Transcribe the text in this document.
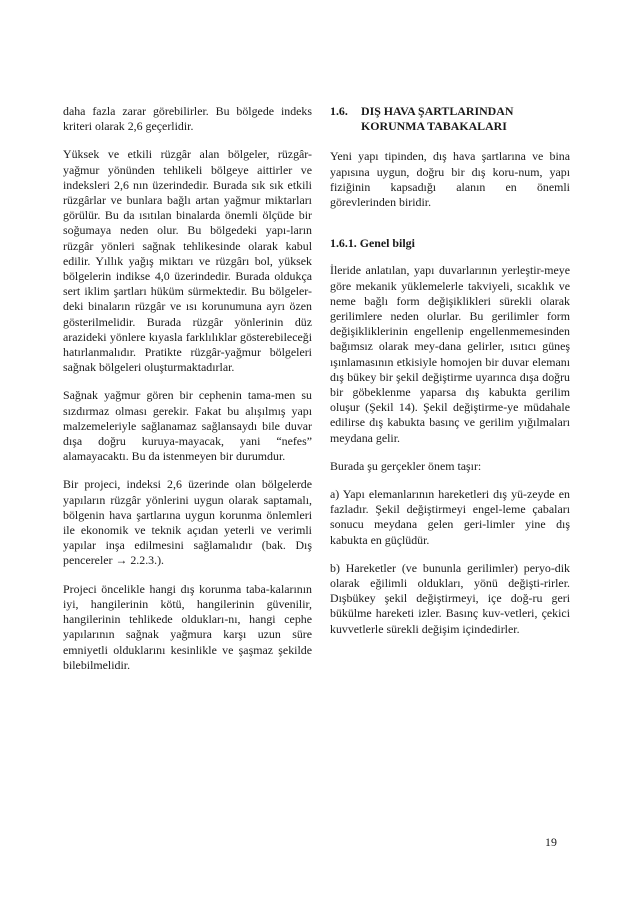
daha fazla zarar görebilirler. Bu bölgede indeks kriteri olarak 2,6 geçerlidir.

Yüksek ve etkili rüzgâr alan bölgeler, rüzgâr-yağmur yönünden tehlikeli bölgeye aittirler ve indeksleri 2,6 nın üzerindedir. Burada sık sık etkili rüzgârlar ve bunlara bağlı artan yağmur miktarları görülür. Bu da ısıtılan binalarda önemli ölçüde bir soğumaya neden olur. Bu bölgedeki yapı-ların rüzgâr yönleri sağnak tehlikesinde olarak kabul edilir. Yıllık yağış miktarı ve rüzgârı bol, yüksek bölgelerin indikse 4,0 üzerindedir. Burada oldukça sert iklim şartları hüküm sürmektedir. Bu bölgeler-deki binaların rüzgâr ve ısı korunumuna ayrı özen gösterilmelidir. Burada rüzgâr yönlerinin düz arazideki yönlere kıyasla farklılıklar gösterebileceği hatırlanmalıdır. Pratikte rüzgâr-yağmur bölgeleri sağnak bölgeleri oluşturmaktadırlar.

Sağnak yağmur gören bir cephenin tama-men su sızdırmaz olması gerekir. Fakat bu alışılmış yapı malzemeleriyle sağlanamaz sağlansaydı bile duvar dışa doğru kuruya-mayacak, yani “nefes” alamayacaktı. Bu da istenmeyen bir durumdur.

Bir projeci, indeksi 2,6 üzerinde olan bölgelerde yapıların rüzgâr yönlerini uygun olarak saptamalı, bölgenin hava şartlarına uygun korunma önlemleri ile ekonomik ve teknik açıdan yeterli ve verimli yapılar inşa edilmesini sağlamalıdır (bak. Dış pencereler → 2.2.3.).

Projeci öncelikle hangi dış korunma taba-kalarının iyi, hangilerinin kötü, hangilerinin güvenilir, hangilerinin tehlikede oldukları-nı, hangi cephe yapılarının sağnak yağmura karşı uzun süre emniyetli olduklarını kesinlikle ve şaşmaz şekilde bilebilmelidir.

1.6.	DIŞ HAVA ŞARTLARINDAN KORUNMA TABAKALARI

Yeni yapı tipinden, dış hava şartlarına ve bina yapısına uygun, doğru bir dış koru-num, yapı fiziğinin kapsadığı alanın en önemli görevlerinden biridir.

1.6.1. Genel bilgi

İleride anlatılan, yapı duvarlarının yerleştir-meye göre mekanik yüklemelerle takviyeli, sıcaklık ve neme bağlı form değişiklikleri sürekli olarak gerilimlere neden olurlar. Bu gerilimler form değişikliklerinin engellenip engellenmemesinden bağımsız olarak mey-dana gelirler, ısıtıcı güneş ışınlamasının etkisiyle homojen bir duvar elemanı dış bükey bir şekil değiştirme uyarınca dışa doğru bir göbeklenme yaparsa dış kabukta gerilim oluşur (Şekil 14). Şekil değiştirme-ye müdahale edilirse dış kabukta basınç ve gerilim yığılmaları meydana gelir.

Burada şu gerçekler önem taşır:

a) Yapı elemanlarının hareketleri dış yü-zeyde en fazladır. Şekil değiştirmeyi engel-leme çabaları sonucu meydana gelen geri-limler yine dış kabukta en güçlüdür.

b) Hareketler (ve bununla gerilimler) peryo-dik olarak eğilimli oldukları, yönü değişti-rirler. Dışbükey şekil değiştirmeyi, içe doğ-ru geri bükülme hareketi izler. Basınç kuv-vetleri, çekici kuvvetlerle sürekli değişim içindedirler.

19
